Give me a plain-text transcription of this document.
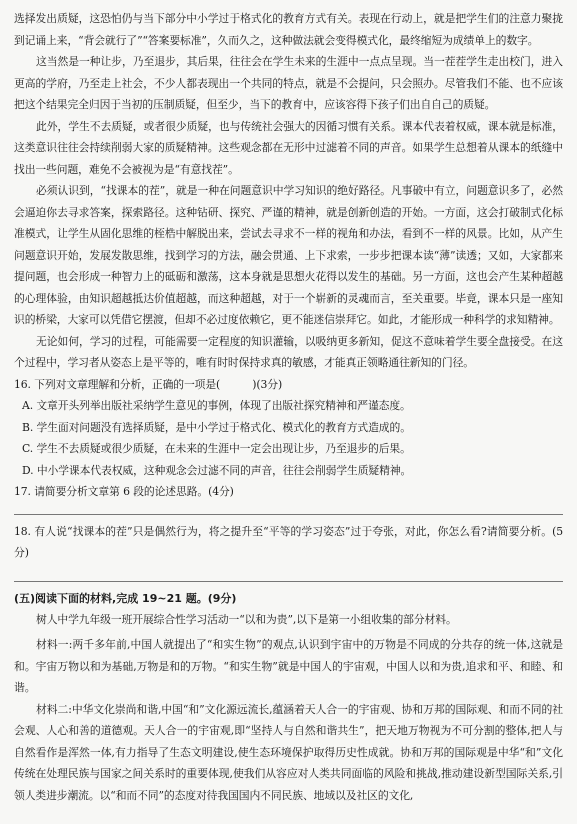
选择发出质疑，这恐怕仍与当下部分中小学过于格式化的教育方式有关。表现在行动上，就是把学生们的注意力聚拢到记诵上来，“背会就行了”“答案要标准”，久而久之，这种做法就会变得模式化，最终缩短为成绩单上的数字。

这当然是一种让步，乃至退步，其后果，往往会在学生未来的生涯中一点点呈现。当一茬茬学生走出校门，进入更高的学府，乃至走上社会，不少人都表现出一个共同的特点，就是不会提问，只会照办。尽管我们不能、也不应该把这个结果完全归因于当初的压制质疑，但至少，当下的教育中，应该容得下孩子们出自自己的质疑。

此外，学生不去质疑，或者很少质疑，也与传统社会强大的因循习惯有关系。课本代表着权威，课本就是标准，这类意识往往会持续削弱大家的质疑精神。这些观念都在无形中过滤着不同的声音。如果学生总想着从课本的纸缝中找出一些问题，难免不会被视为是“有意找茬”。

必须认识到，“找课本的茬”，就是一种在问题意识中学习知识的绝好路径。凡事破中有立，问题意识多了，必然会逼迫你去寻求答案，探索路径。这种钻研、探究、严谨的精神，就是创新创造的开始。一方面，这会打破制式化标准模式，让学生从固化思维的桎梏中解脱出来，尝试去寻求不一样的视角和办法，看到不一样的风景。比如，从产生问题意识开始，发展发散思维，找到学习的方法，融会贯通、上下求索，一步步把课本读“薄”读透；又如，大家都来提问题，也会形成一种智力上的砥砺和激荡，这本身就是思想火花得以发生的基础。另一方面，这也会产生某种超越的心理体验，由知识超越抵达价值超越，而这种超越，对于一个崭新的灵魂而言，至关重要。毕竟，课本只是一座知识的桥梁，大家可以凭借它摆渡，但却不必过度依赖它，更不能迷信崇拜它。如此，才能形成一种科学的求知精神。

无论如何，学习的过程，可能需要一定程度的知识灌输，以吸纳更多新知，促这不意味着学生要全盘接受。在这个过程中，学习者从姿态上是平等的，唯有时时保持求真的敏感，才能真正领略通往新知的门径。

16. 下列对文章理解和分析，正确的一项是(　　　)(3分)

A. 文章开头列举出版社采纳学生意见的事例，体现了出版社探究精神和严谨态度。

B. 学生面对问题没有选择质疑，是中小学过于格式化、模式化的教育方式造成的。

C. 学生不去质疑或很少质疑，在未来的生涯中一定会出现让步，乃至退步的后果。

D. 中小学课本代表权威，这种观念会过滤不同的声音，往往会削弱学生质疑精神。

17. 请简要分析文章第 6 段的论述思路。(4分)

18. 有人说“找课本的茬”只是偶然行为，将之提升至“平等的学习姿态”过于夸张，对此，你怎么看?请简要分析。(5分)

(五)阅读下面的材料,完成 19~21 题。(9分)

树人中学九年级一班开展综合性学习活动一“以和为贵”,以下是第一小组收集的部分材料。

材料一:两千多年前,中国人就提出了“和实生物”的观点,认识到宇宙中的万物是不同成的分共存的统一体,这就是和。宇宙万物以和为基础,万物是和的万物。“和实生物”就是中国人的宇宙观，中国人以和为贵,追求和平、和睦、和谐。

材料二:中华文化崇尚和谐,中国“和”文化源远流长,蕴涵着天人合一的宇宙观、协和万邦的国际观、和而不同的社会观、人心和善的道德观。天人合一的宇宙观,即“坚持人与自然和谐共生”，把天地万物视为不可分割的整体,把人与自然看作是浑然一体,有力指导了生态文明建设,使生态环境保护取得历史性成就。协和万邦的国际观是中华“和”文化传统在处理民族与国家之间关系时的重要体现,使我们从容应对人类共同面临的风险和挑战,推动建设新型国际关系,引领人类进步潮流。以“和而不同”的态度对待我国国内不同民族、地域以及社区的文化,
